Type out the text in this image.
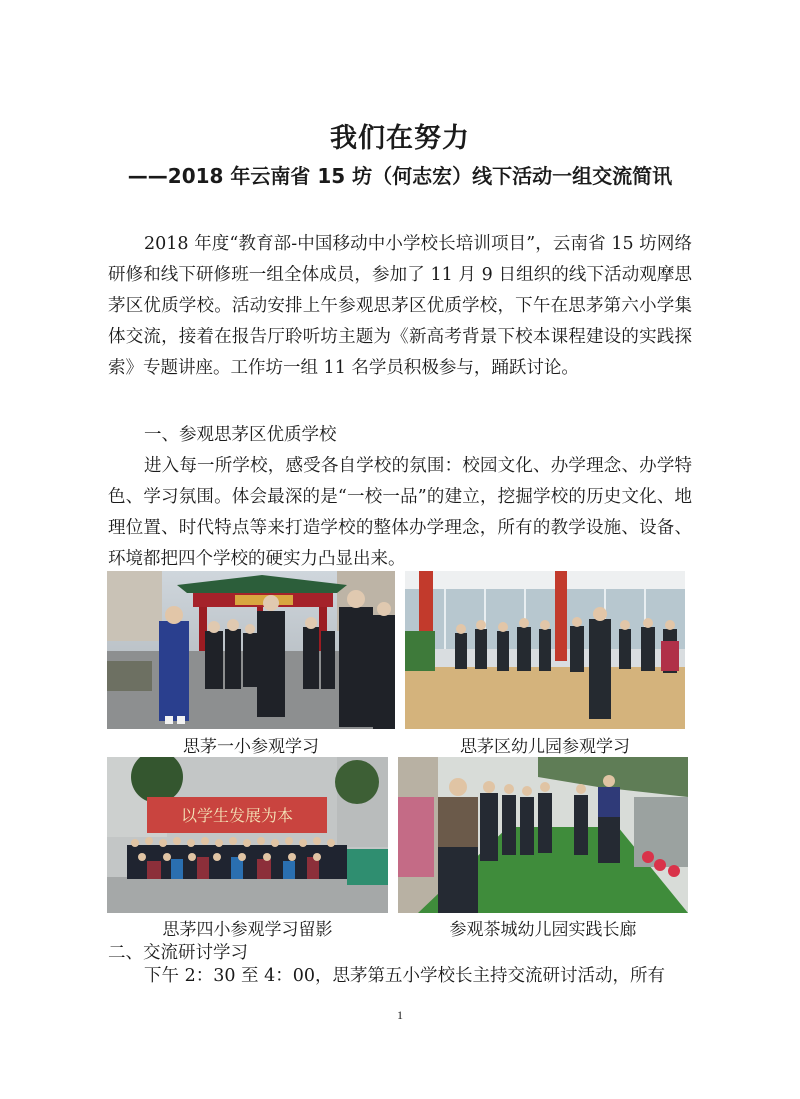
我们在努力
——2018 年云南省 15 坊（何志宏）线下活动一组交流简讯

2018 年度“教育部-中国移动中小学校长培训项目”，云南省 15 坊网络研修和线下研修班一组全体成员，参加了 11 月 9 日组织的线下活动观摩思茅区优质学校。活动安排上午参观思茅区优质学校，下午在思茅第六小学集体交流，接着在报告厅聆听坊主题为《新高考背景下校本课程建设的实践探索》专题讲座。工作坊一组 11 名学员积极参与，踊跃讨论。

一、参观思茅区优质学校

进入每一所学校，感受各自学校的氛围：校园文化、办学理念、办学特色、学习氛围。体会最深的是“一校一品”的建立，挖掘学校的历史文化、地理位置、时代特点等来打造学校的整体办学理念，所有的教学设施、设备、环境都把四个学校的硬实力凸显出来。

思茅一小参观学习	思茅区幼儿园参观学习

以学生发展为本

思茅四小参观学习留影	参观茶城幼儿园实践长廊

二、交流研讨学习

下午 2：30 至 4：00，思茅第五小学校长主持交流研讨活动，所有

1
